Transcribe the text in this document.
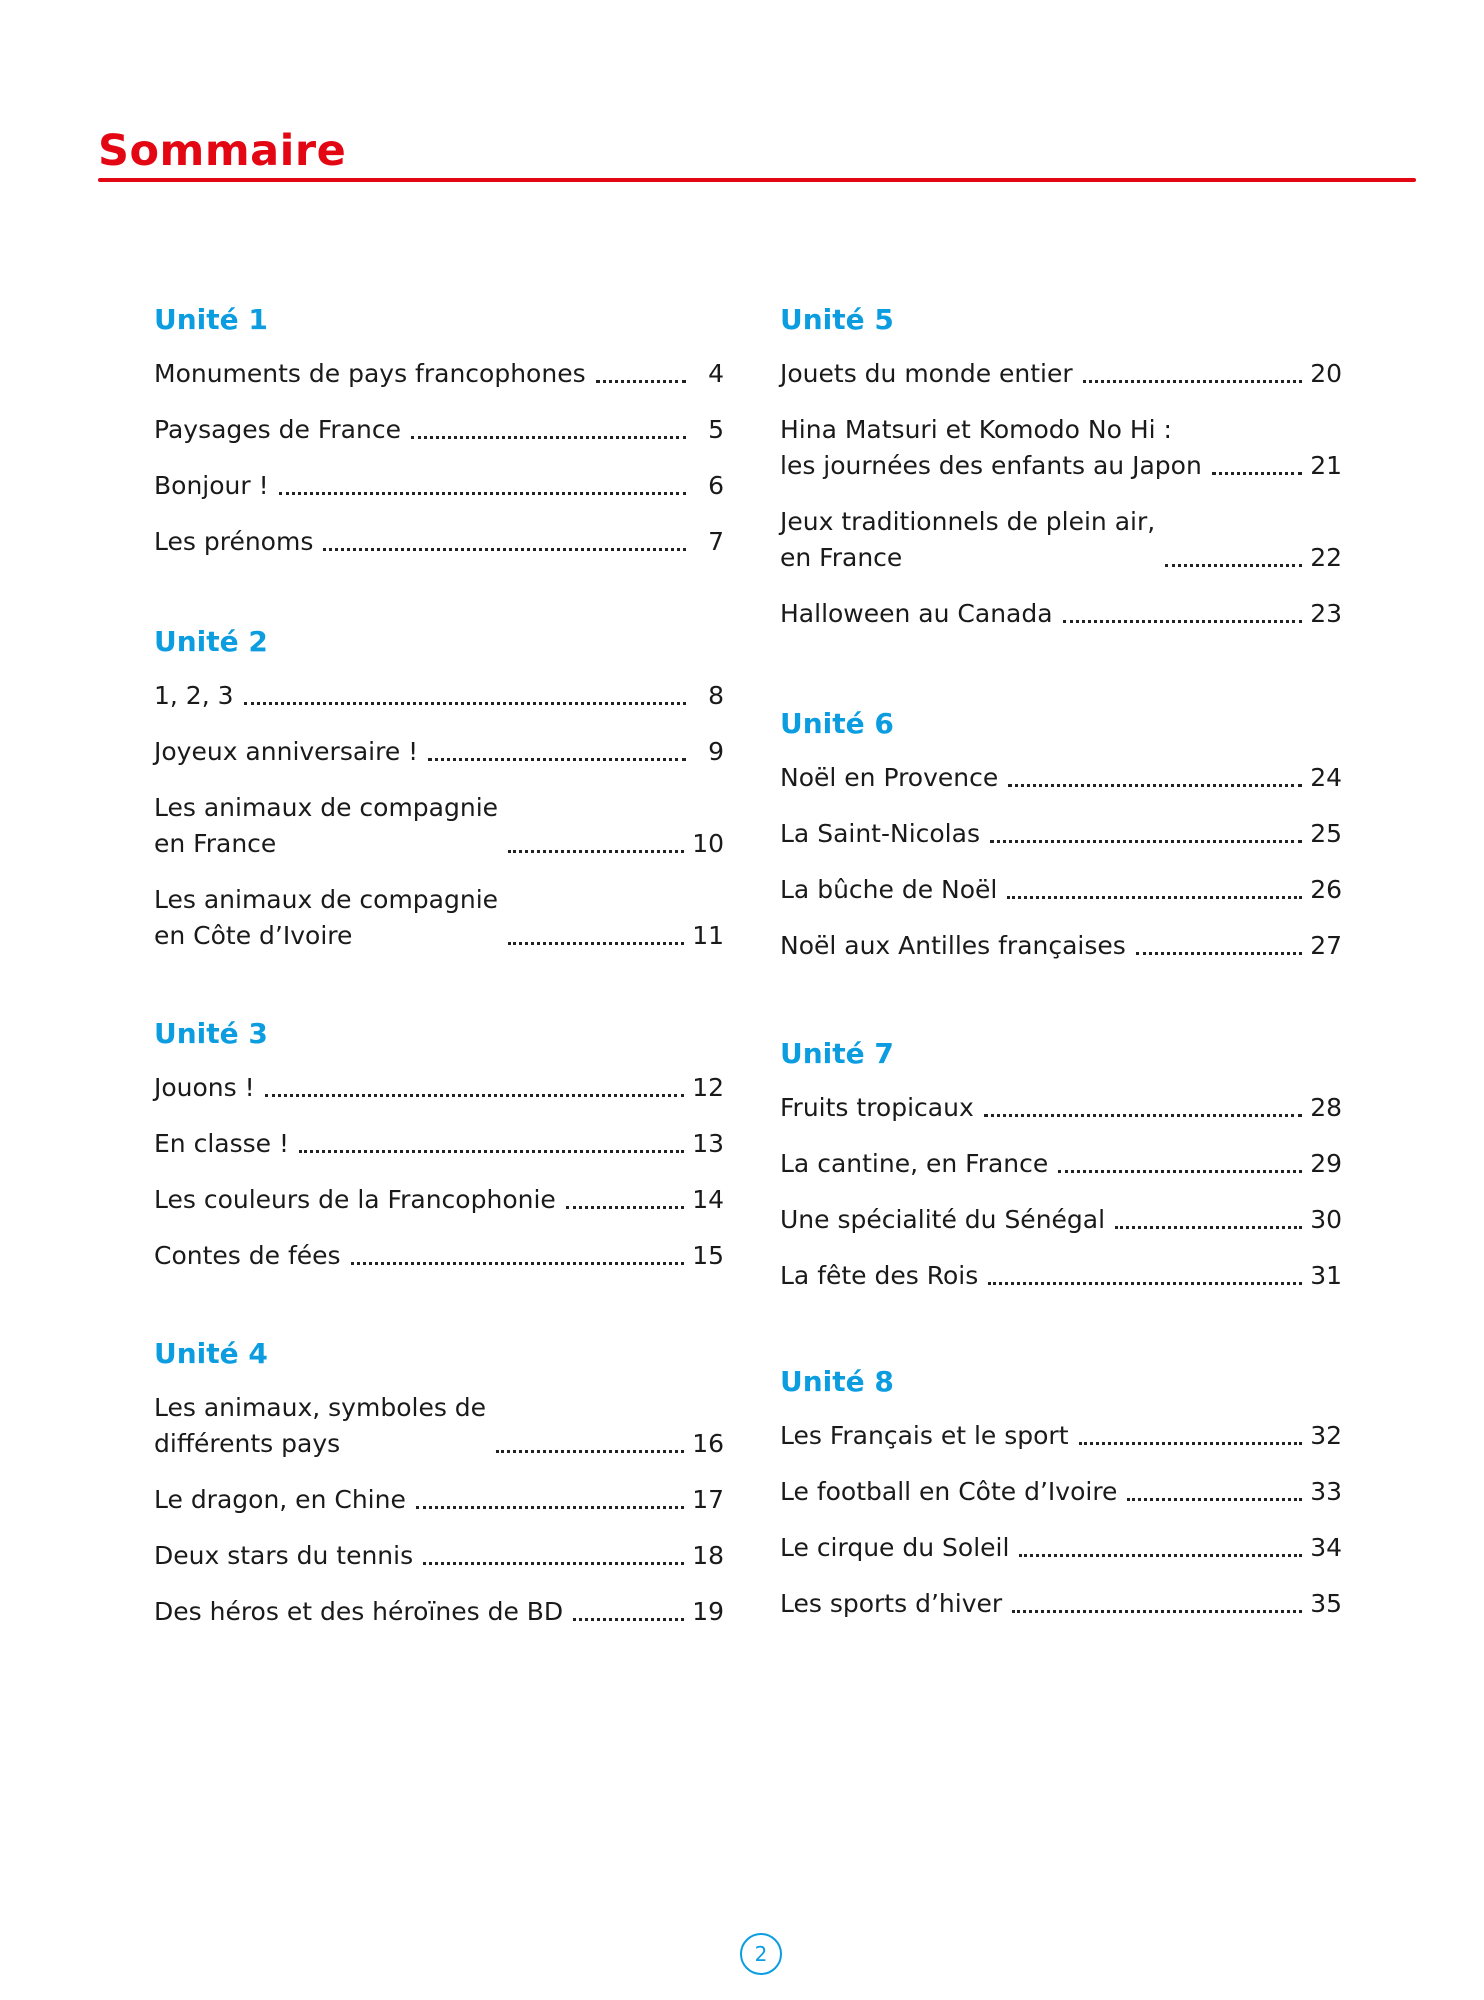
Sommaire
Unité 1
Monuments de pays francophones	4
Paysages de France	5
Bonjour !	6
Les prénoms	7
Unité 2
1, 2, 3	8
Joyeux anniversaire !	9
Les animaux de compagnie
en France	10
Les animaux de compagnie
en Côte d’Ivoire	11
Unité 3
Jouons !	12
En classe !	13
Les couleurs de la Francophonie	14
Contes de fées	15
Unité 4
Les animaux, symboles de
différents pays	16
Le dragon, en Chine	17
Deux stars du tennis	18
Des héros et des héroïnes de BD	19
Unité 5
Jouets du monde entier	20
Hina Matsuri et Komodo No Hi :
les journées des enfants au Japon	21
Jeux traditionnels de plein air,
en France	22
Halloween au Canada	23
Unité 6
Noël en Provence	24
La Saint-Nicolas	25
La bûche de Noël	26
Noël aux Antilles françaises	27
Unité 7
Fruits tropicaux	28
La cantine, en France	29
Une spécialité du Sénégal	30
La fête des Rois	31
Unité 8
Les Français et le sport	32
Le football en Côte d’Ivoire	33
Le cirque du Soleil	34
Les sports d’hiver	35
2
